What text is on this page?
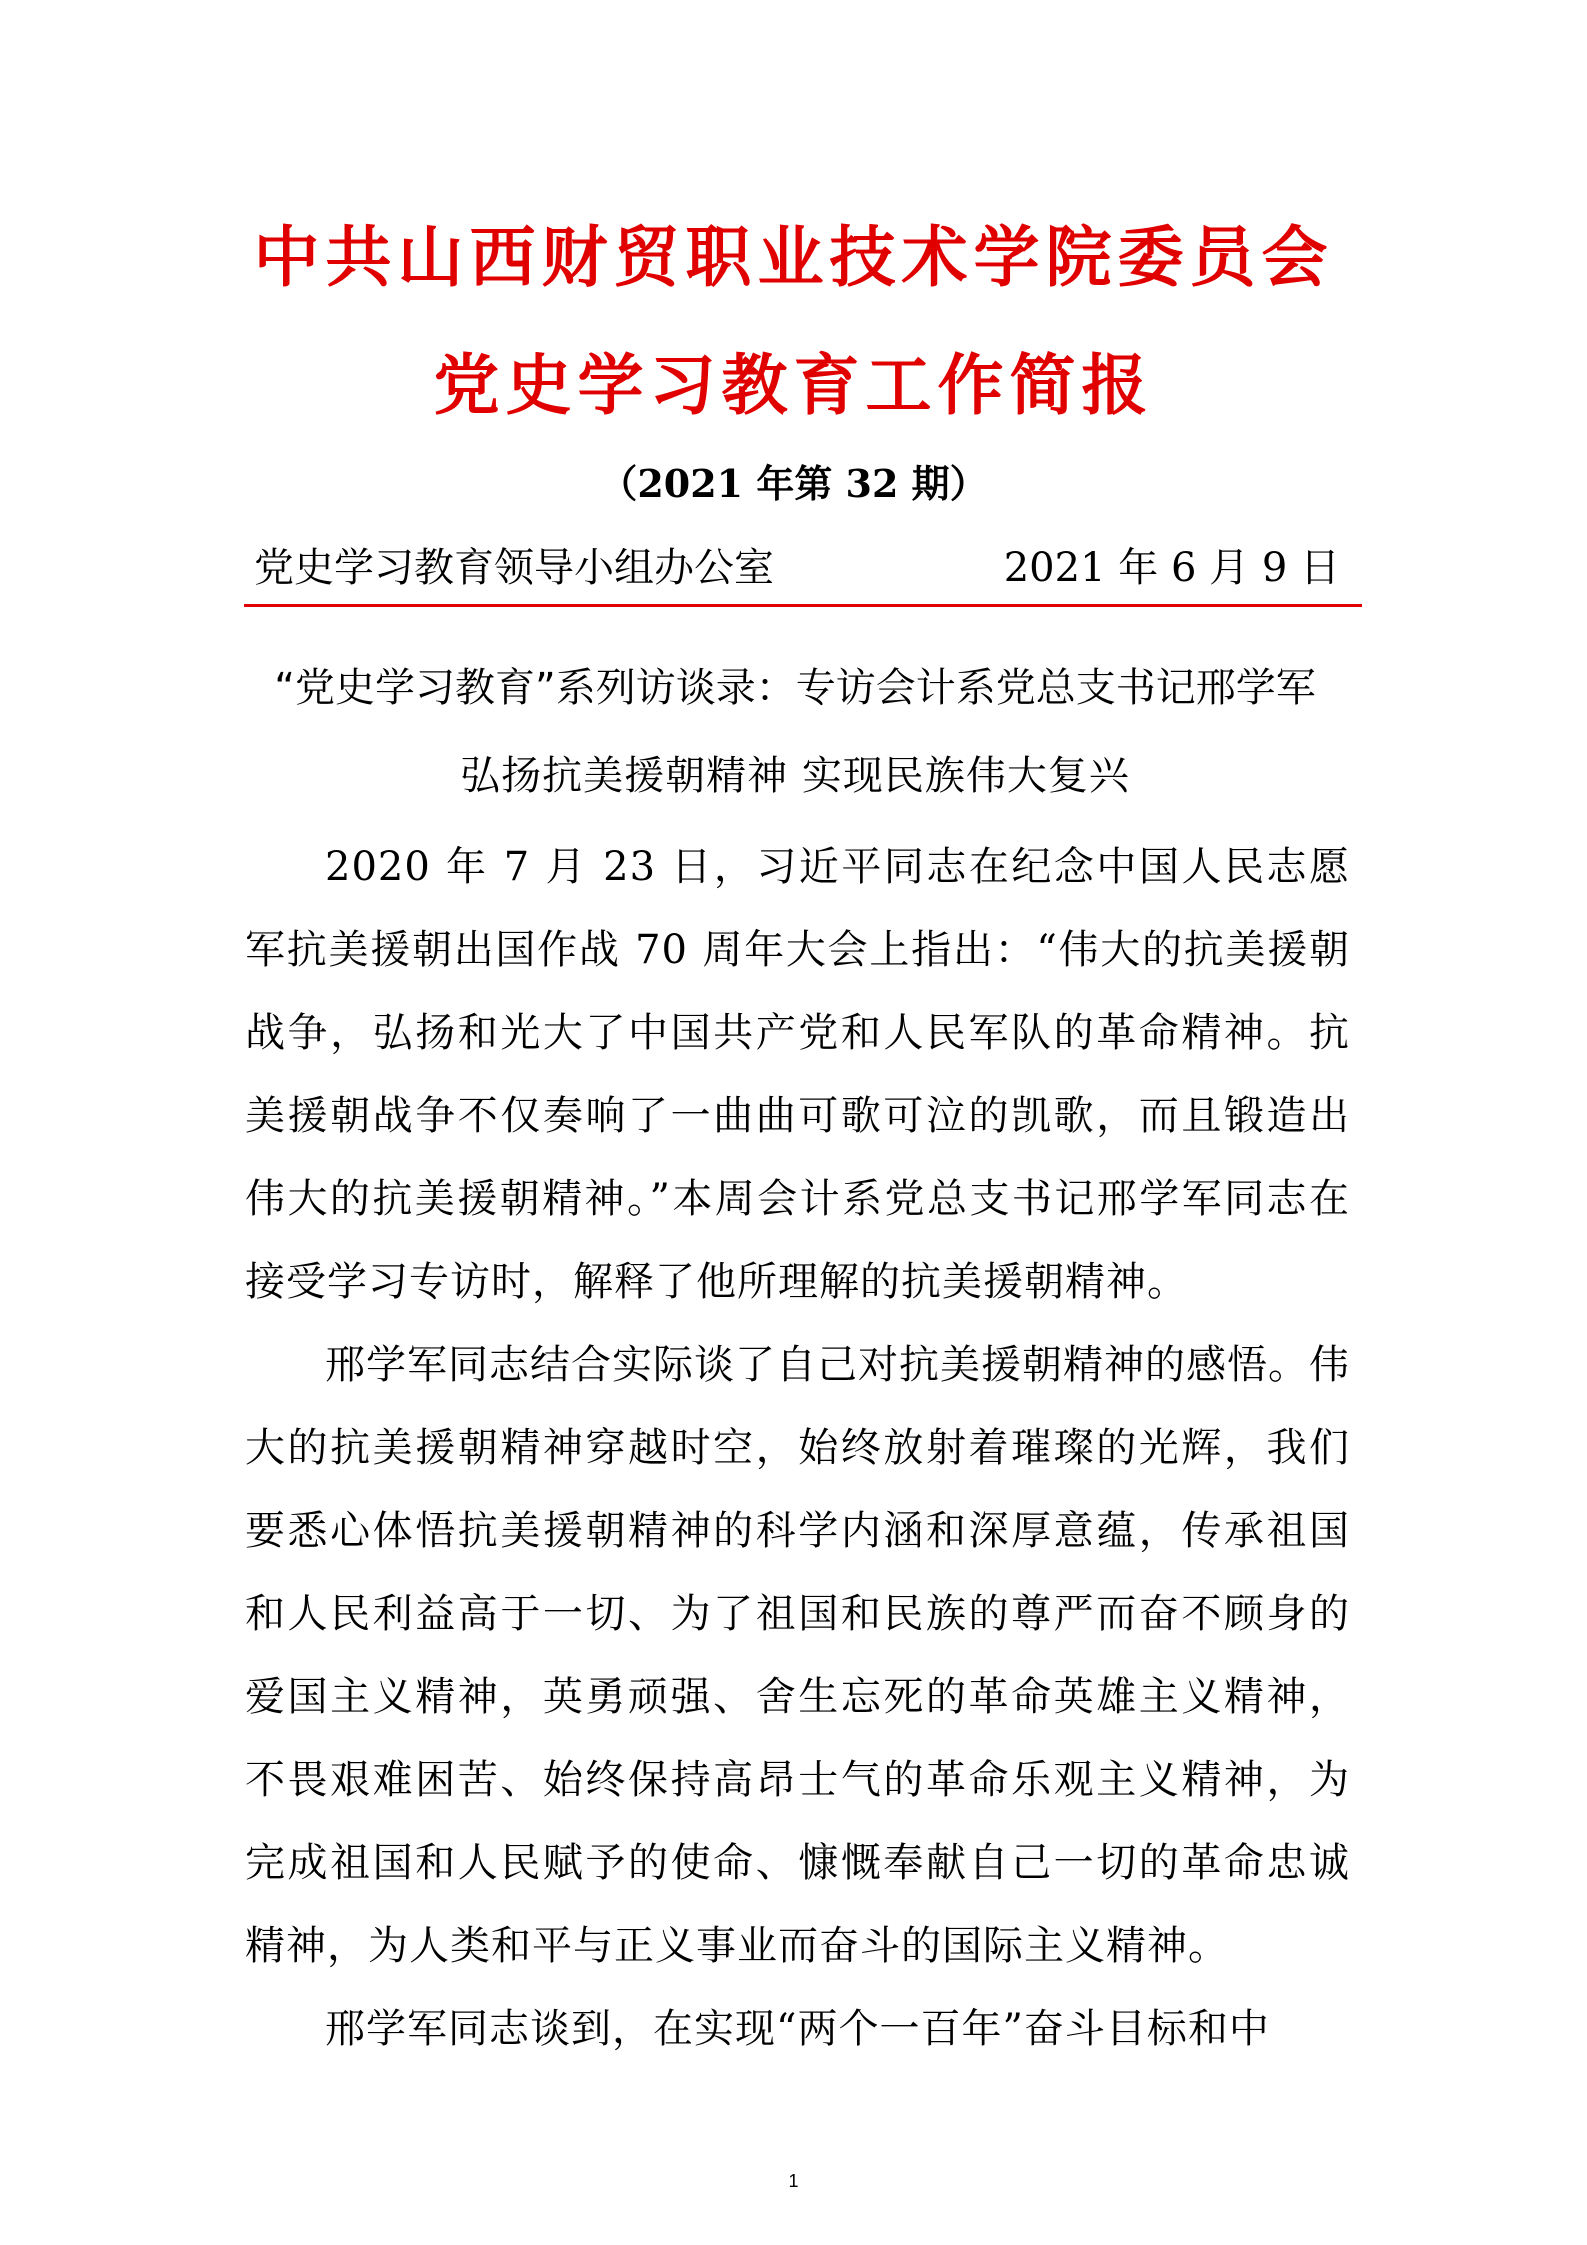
中共山西财贸职业技术学院委员会
党史学习教育工作简报
（2021 年第 32 期）
党史学习教育领导小组办公室	2021 年 6 月 9 日
“党史学习教育”系列访谈录：专访会计系党总支书记邢学军
弘扬抗美援朝精神 实现民族伟大复兴

2020 年 7 月 23 日，习近平同志在纪念中国人民志愿军抗美援朝出国作战 70 周年大会上指出：“伟大的抗美援朝战争，弘扬和光大了中国共产党和人民军队的革命精神。抗美援朝战争不仅奏响了一曲曲可歌可泣的凯歌，而且锻造出伟大的抗美援朝精神。”本周会计系党总支书记邢学军同志在接受学习专访时，解释了他所理解的抗美援朝精神。

邢学军同志结合实际谈了自己对抗美援朝精神的感悟。伟大的抗美援朝精神穿越时空，始终放射着璀璨的光辉，我们要悉心体悟抗美援朝精神的科学内涵和深厚意蕴，传承祖国和人民利益高于一切、为了祖国和民族的尊严而奋不顾身的爱国主义精神，英勇顽强、舍生忘死的革命英雄主义精神，不畏艰难困苦、始终保持高昂士气的革命乐观主义精神，为完成祖国和人民赋予的使命、慷慨奉献自己一切的革命忠诚精神，为人类和平与正义事业而奋斗的国际主义精神。

邢学军同志谈到，在实现“两个一百年”奋斗目标和中

1
